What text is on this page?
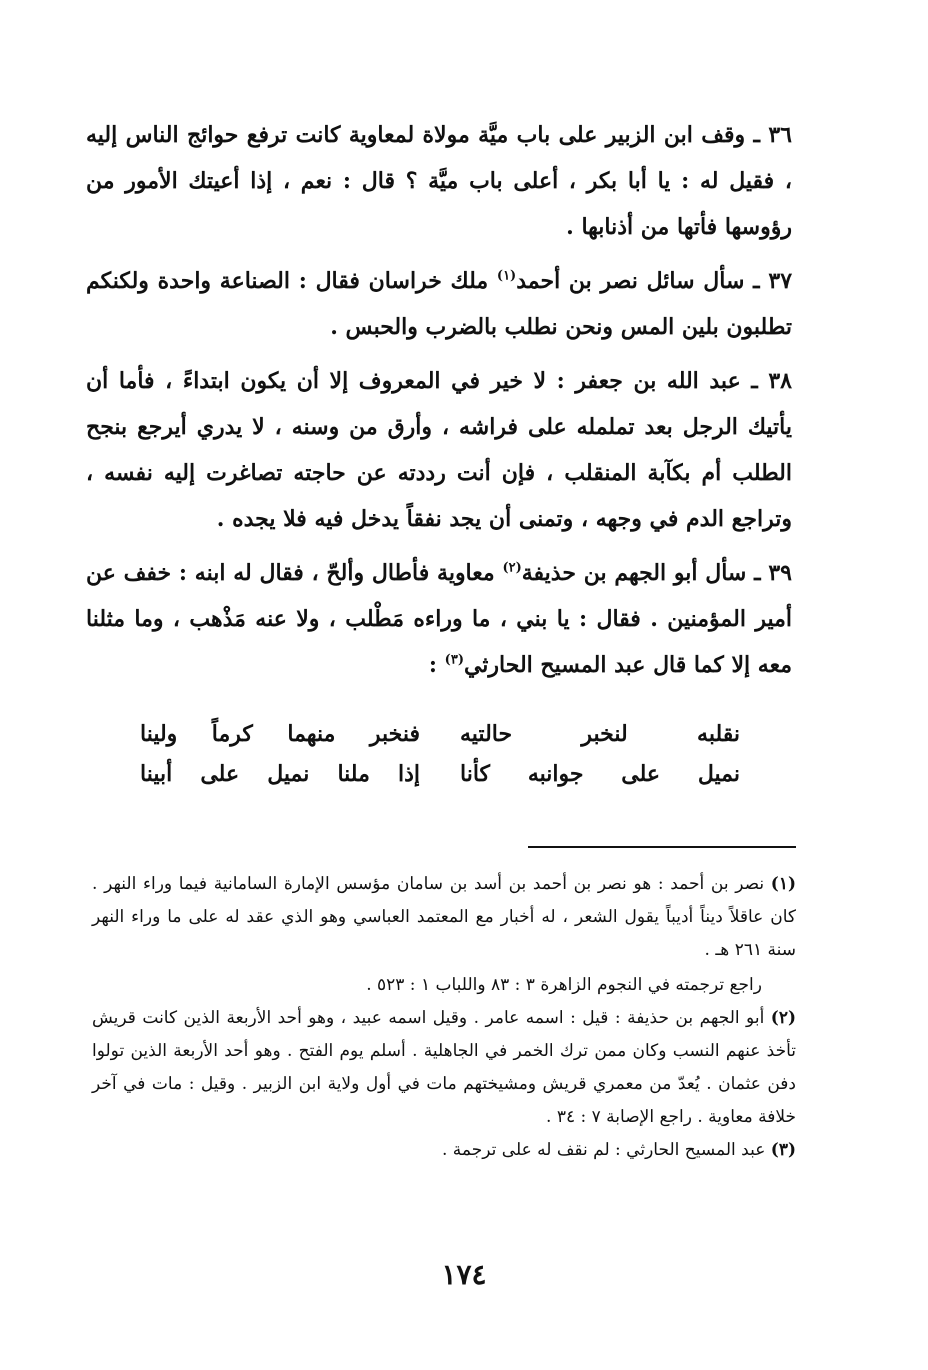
٣٦ ـ وقف ابن الزبير على باب ميَّة مولاة لمعاوية كانت ترفع حوائج الناس إليه ، فقيل له : يا أبا بكر ، أعلى باب ميَّة ؟ قال : نعم ، إذا أعيتك الأمور من رؤوسها فأتها من أذنابها .

٣٧ ـ سأل سائل نصر بن أحمد$^{(١)}$ ملك خراسان فقال : الصناعة واحدة ولكنكم تطلبون بلين المس ونحن نطلب بالضرب والحبس .

٣٨ ـ عبد الله بن جعفر : لا خير في المعروف إلا أن يكون ابتداءً ، فأما أن يأتيك الرجل بعد تململه على فراشه ، وأرق من وسنه ، لا يدري أيرجع بنجح الطلب أم بكآبة المنقلب ، فإن أنت رددته عن حاجته تصاغرت إليه نفسه ، وتراجع الدم في وجهه ، وتمنى أن يجد نفقاً يدخل فيه فلا يجده .

٣٩ ـ سأل أبو الجهم بن حذيفة$^{(٢)}$ معاوية فأطال وألحّ ، فقال له ابنه : خفف عن أمير المؤمنين . فقال : يا بني ، ما وراءه مَطْلب ، ولا عنه مَذْهب ، وما مثلنا معه إلا كما قال عبد المسيح الحارثي$^{(٣)}$ :

نقلبه لنخبر حالتيه
فنخبر منهما كرماً ولينا
نميل على جوانبه كأنا
إذا ملنا نميل على أبينا

(١) نصر بن أحمد : هو نصر بن أحمد بن أسد بن سامان مؤسس الإمارة السامانية فيما وراء النهر . كان عاقلاً ديناً أديباً يقول الشعر ، له أخبار مع المعتمد العباسي وهو الذي عقد له على ما وراء النهر سنة ٢٦١ هـ .

راجع ترجمته في النجوم الزاهرة ٣ : ٨٣ واللباب ١ : ٥٢٣ .

(٢) أبو الجهم بن حذيفة : قيل : اسمه عامر . وقيل اسمه عبيد ، وهو أحد الأربعة الذين كانت قريش تأخذ عنهم النسب وكان ممن ترك الخمر في الجاهلية . أسلم يوم الفتح . وهو أحد الأربعة الذين تولوا دفن عثمان . يُعدّ من معمري قريش ومشيختهم مات في أول ولاية ابن الزبير . وقيل : مات في آخر خلافة معاوية . راجع الإصابة ٧ : ٣٤ .

(٣) عبد المسيح الحارثي : لم نقف له على ترجمة .

١٧٤
